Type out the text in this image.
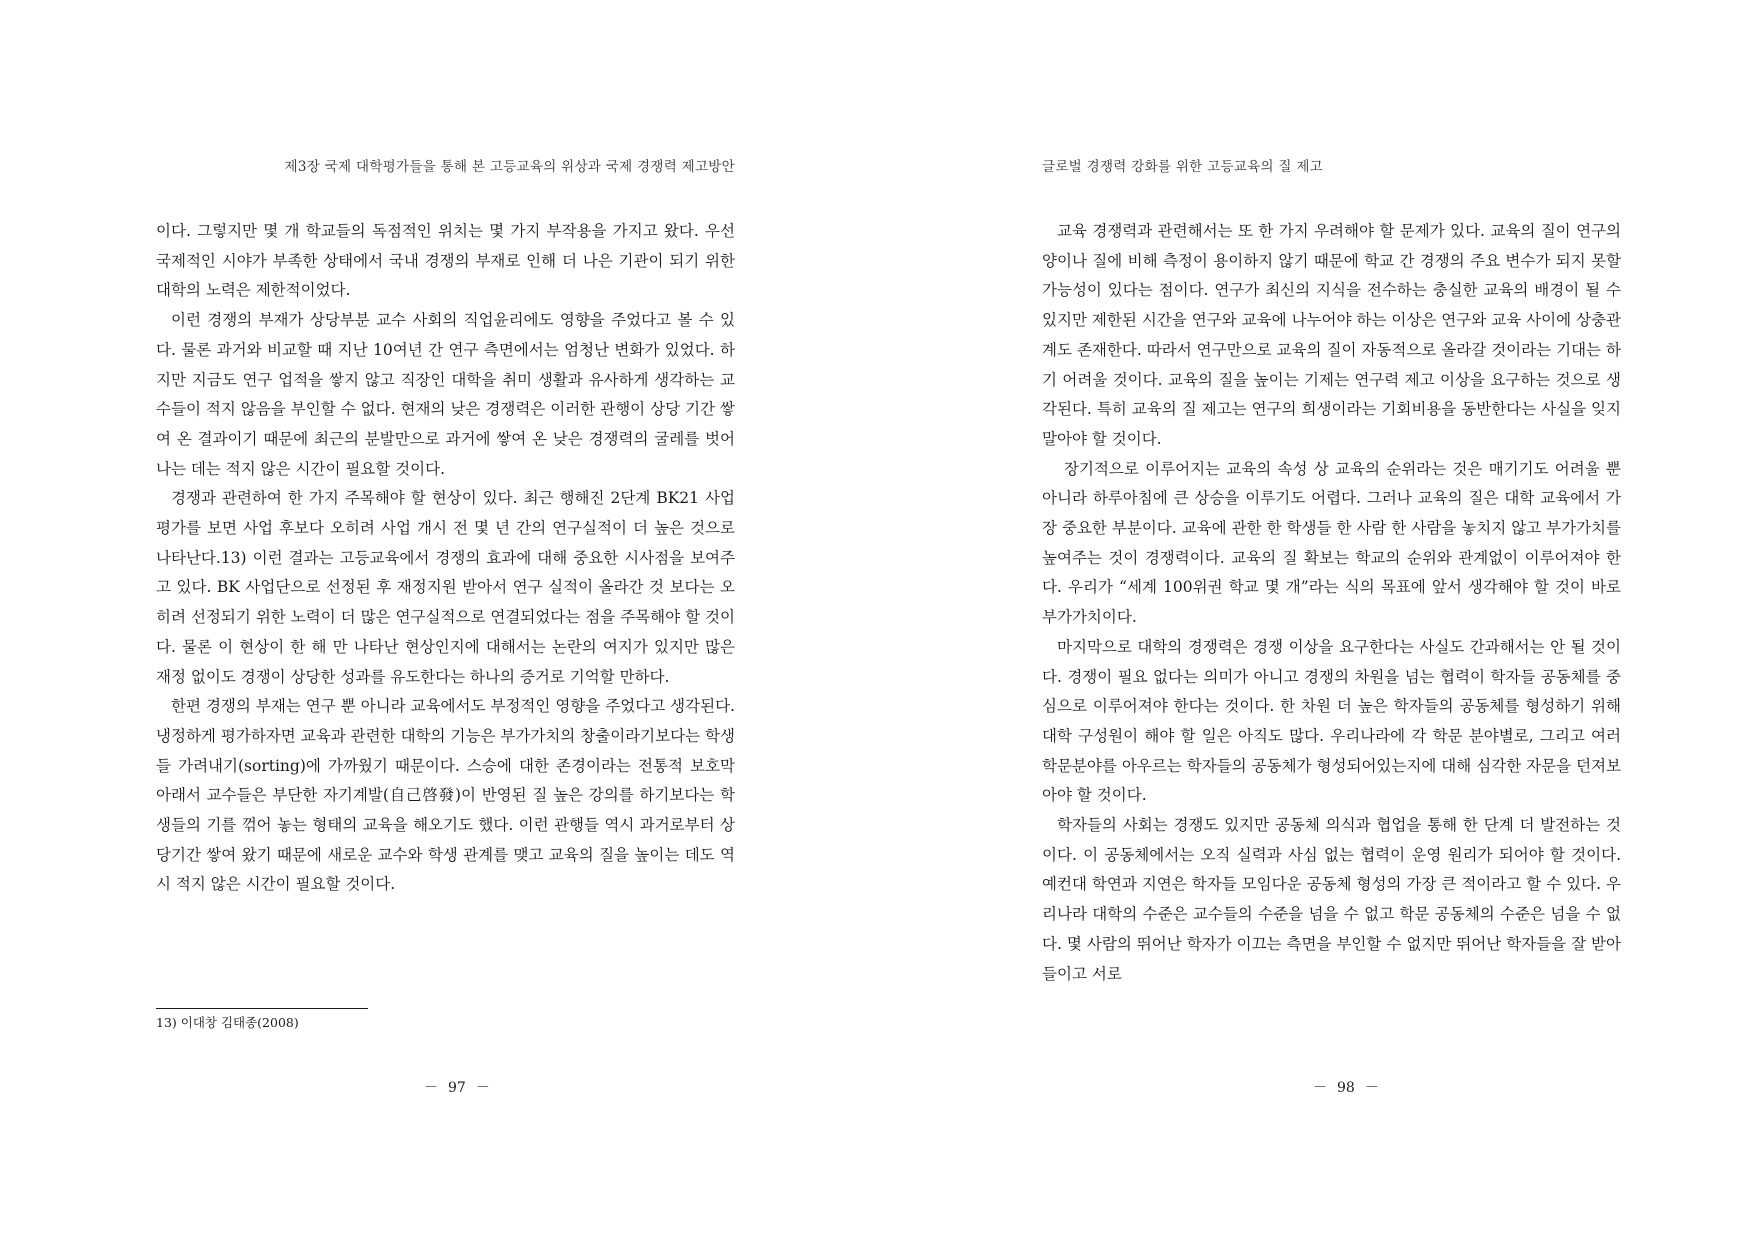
제3장 국제 대학평가들을 통해 본 고등교육의 위상과 국제 경쟁력 제고방안

이다. 그렇지만 몇 개 학교들의 독점적인 위치는 몇 가지 부작용을 가지고 왔다. 우선 국제적인 시야가 부족한 상태에서 국내 경쟁의 부재로 인해 더 나은 기관이 되기 위한 대학의 노력은 제한적이었다.

이런 경쟁의 부재가 상당부분 교수 사회의 직업윤리에도 영향을 주었다고 볼 수 있다. 물론 과거와 비교할 때 지난 10여년 간 연구 측면에서는 엄청난 변화가 있었다. 하지만 지금도 연구 업적을 쌓지 않고 직장인 대학을 취미 생활과 유사하게 생각하는 교수들이 적지 않음을 부인할 수 없다. 현재의 낮은 경쟁력은 이러한 관행이 상당 기간 쌓여 온 결과이기 때문에 최근의 분발만으로 과거에 쌓여 온 낮은 경쟁력의 굴레를 벗어나는 데는 적지 않은 시간이 필요할 것이다.

경쟁과 관련하여 한 가지 주목해야 할 현상이 있다. 최근 행해진 2단계 BK21 사업 평가를 보면 사업 후보다 오히려 사업 개시 전 몇 년 간의 연구실적이 더 높은 것으로 나타난다.13) 이런 결과는 고등교육에서 경쟁의 효과에 대해 중요한 시사점을 보여주고 있다. BK 사업단으로 선정된 후 재정지원 받아서 연구 실적이 올라간 것 보다는 오히려 선정되기 위한 노력이 더 많은 연구실적으로 연결되었다는 점을 주목해야 할 것이다. 물론 이 현상이 한 해 만 나타난 현상인지에 대해서는 논란의 여지가 있지만 많은 재정 없이도 경쟁이 상당한 성과를 유도한다는 하나의 증거로 기억할 만하다.

한편 경쟁의 부재는 연구 뿐 아니라 교육에서도 부정적인 영향을 주었다고 생각된다. 냉정하게 평가하자면 교육과 관련한 대학의 기능은 부가가치의 창출이라기보다는 학생들 가려내기(sorting)에 가까웠기 때문이다. 스승에 대한 존경이라는 전통적 보호막 아래서 교수들은 부단한 자기계발(自己啓發)이 반영된 질 높은 강의를 하기보다는 학생들의 기를 꺾어 놓는 형태의 교육을 해오기도 했다. 이런 관행들 역시 과거로부터 상당기간 쌓여 왔기 때문에 새로운 교수와 학생 관계를 맺고 교육의 질을 높이는 데도 역시 적지 않은 시간이 필요할 것이다.

13) 이대창 김태종(2008)
－ 97 －
글로벌 경쟁력 강화를 위한 고등교육의 질 제고

교육 경쟁력과 관련해서는 또 한 가지 우려해야 할 문제가 있다. 교육의 질이 연구의 양이나 질에 비해 측정이 용이하지 않기 때문에 학교 간 경쟁의 주요 변수가 되지 못할 가능성이 있다는 점이다. 연구가 최신의 지식을 전수하는 충실한 교육의 배경이 될 수 있지만 제한된 시간을 연구와 교육에 나누어야 하는 이상은 연구와 교육 사이에 상충관계도 존재한다. 따라서 연구만으로 교육의 질이 자동적으로 올라갈 것이라는 기대는 하기 어려울 것이다. 교육의 질을 높이는 기제는 연구력 제고 이상을 요구하는 것으로 생각된다. 특히 교육의 질 제고는 연구의 희생이라는 기회비용을 동반한다는 사실을 잊지 말아야 할 것이다.

장기적으로 이루어지는 교육의 속성 상 교육의 순위라는 것은 매기기도 어려울 뿐 아니라 하루아침에 큰 상승을 이루기도 어렵다. 그러나 교육의 질은 대학 교육에서 가장 중요한 부분이다. 교육에 관한 한 학생들 한 사람 한 사람을 놓치지 않고 부가가치를 높여주는 것이 경쟁력이다. 교육의 질 확보는 학교의 순위와 관계없이 이루어져야 한다. 우리가 “세계 100위권 학교 몇 개”라는 식의 목표에 앞서 생각해야 할 것이 바로 부가가치이다.

마지막으로 대학의 경쟁력은 경쟁 이상을 요구한다는 사실도 간과해서는 안 될 것이다. 경쟁이 필요 없다는 의미가 아니고 경쟁의 차원을 넘는 협력이 학자들 공동체를 중심으로 이루어져야 한다는 것이다. 한 차원 더 높은 학자들의 공동체를 형성하기 위해 대학 구성원이 해야 할 일은 아직도 많다. 우리나라에 각 학문 분야별로, 그리고 여러 학문분야를 아우르는 학자들의 공동체가 형성되어있는지에 대해 심각한 자문을 던져보아야 할 것이다.

학자들의 사회는 경쟁도 있지만 공동체 의식과 협업을 통해 한 단계 더 발전하는 것이다. 이 공동체에서는 오직 실력과 사심 없는 협력이 운영 원리가 되어야 할 것이다. 예컨대 학연과 지연은 학자들 모임다운 공동체 형성의 가장 큰 적이라고 할 수 있다. 우리나라 대학의 수준은 교수들의 수준을 넘을 수 없고 학문 공동체의 수준은 넘을 수 없다. 몇 사람의 뛰어난 학자가 이끄는 측면을 부인할 수 없지만 뛰어난 학자들을 잘 받아들이고 서로

－ 98 －
